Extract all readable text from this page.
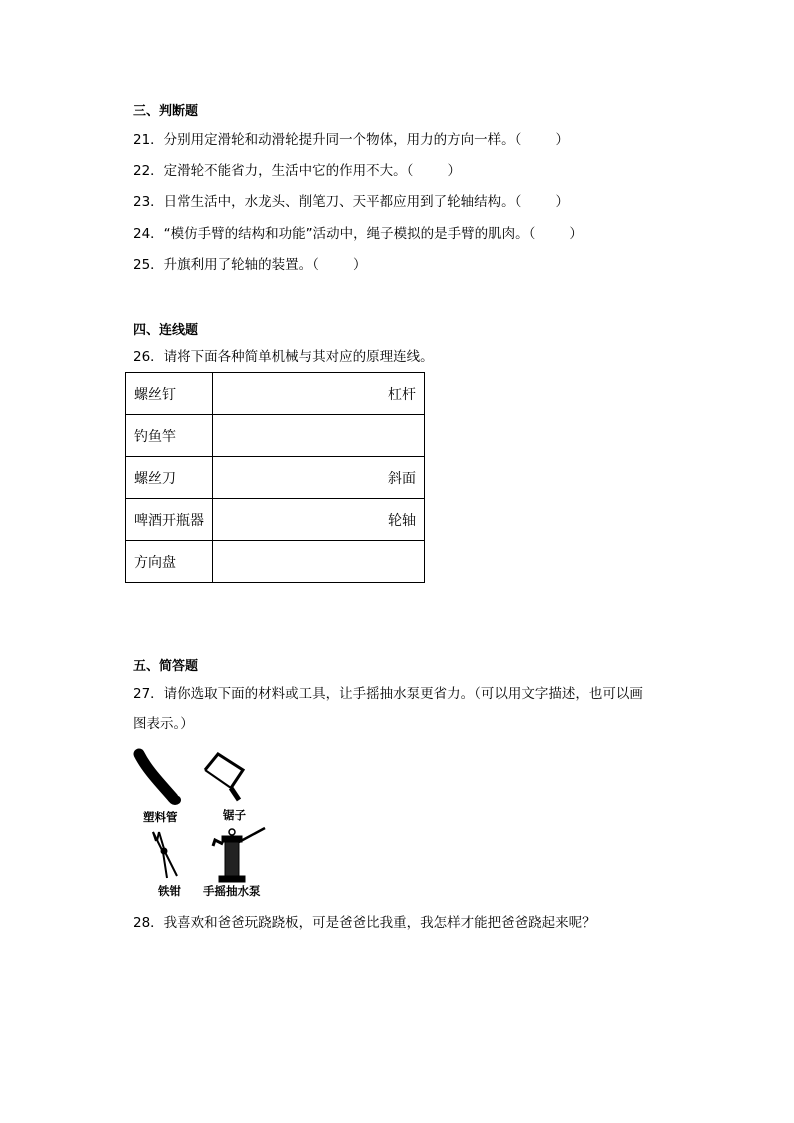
三、判断题
21．分别用定滑轮和动滑轮提升同一个物体，用力的方向一样。（	）
22．定滑轮不能省力，生活中它的作用不大。（	）
23．日常生活中，水龙头、削笔刀、天平都应用到了轮轴结构。（	）
24．“模仿手臂的结构和功能”活动中，绳子模拟的是手臂的肌肉。（	）
25．升旗利用了轮轴的装置。（	）
四、连线题
26．请将下面各种简单机械与其对应的原理连线。
螺丝钉	杠杆
钓鱼竿	
螺丝刀	斜面
啤酒开瓶器	轮轴
方向盘	
五、简答题
27．请你选取下面的材料或工具，让手摇抽水泵更省力。（可以用文字描述，也可以画
图表示。）
塑料管	锯子
铁钳 手摇抽水泵
28．我喜欢和爸爸玩跷跷板，可是爸爸比我重，我怎样才能把爸爸跷起来呢？
